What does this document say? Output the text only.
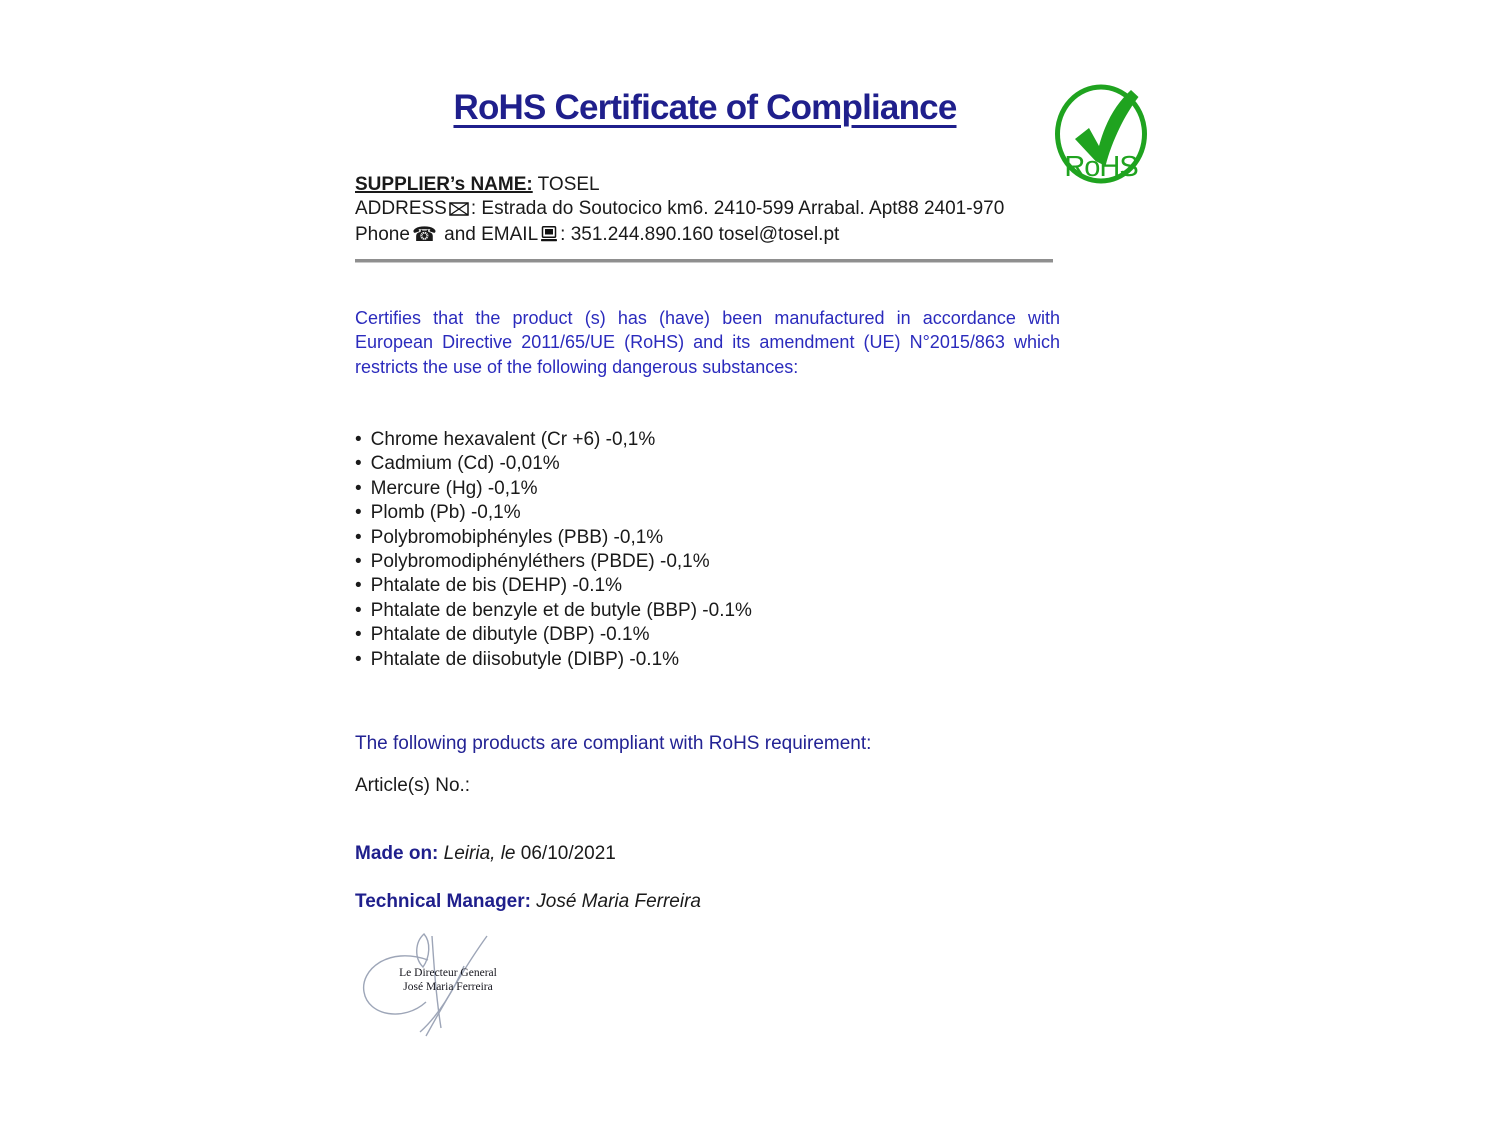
RoHS Certificate of Compliance
RoHS
SUPPLIER’s NAME: TOSEL
ADDRESS : Estrada do Soutocico km6. 2410-599 Arrabal. Apt88 2401-970
Phone ☎ and EMAIL : 351.244.890.160 tosel@tosel.pt
Certifies that the product (s) has (have) been manufactured in accordance with European Directive 2011/65/UE (RoHS) and its amendment (UE) N°2015/863 which restricts the use of the following dangerous substances:
• Chrome hexavalent (Cr +6) -0,1%
• Cadmium (Cd) -0,01%
• Mercure (Hg) -0,1%
• Plomb (Pb) -0,1%
• Polybromobiphényles (PBB) -0,1%
• Polybromodiphényléthers (PBDE) -0,1%
• Phtalate de bis (DEHP) -0.1%
• Phtalate de benzyle et de butyle (BBP) -0.1%
• Phtalate de dibutyle (DBP) -0.1%
• Phtalate de diisobutyle (DIBP) -0.1%
The following products are compliant with RoHS requirement:
Article(s) No.:
Made on: Leiria, le 06/10/2021
Technical Manager: José Maria Ferreira
Le Directeur General
José Maria Ferreira
